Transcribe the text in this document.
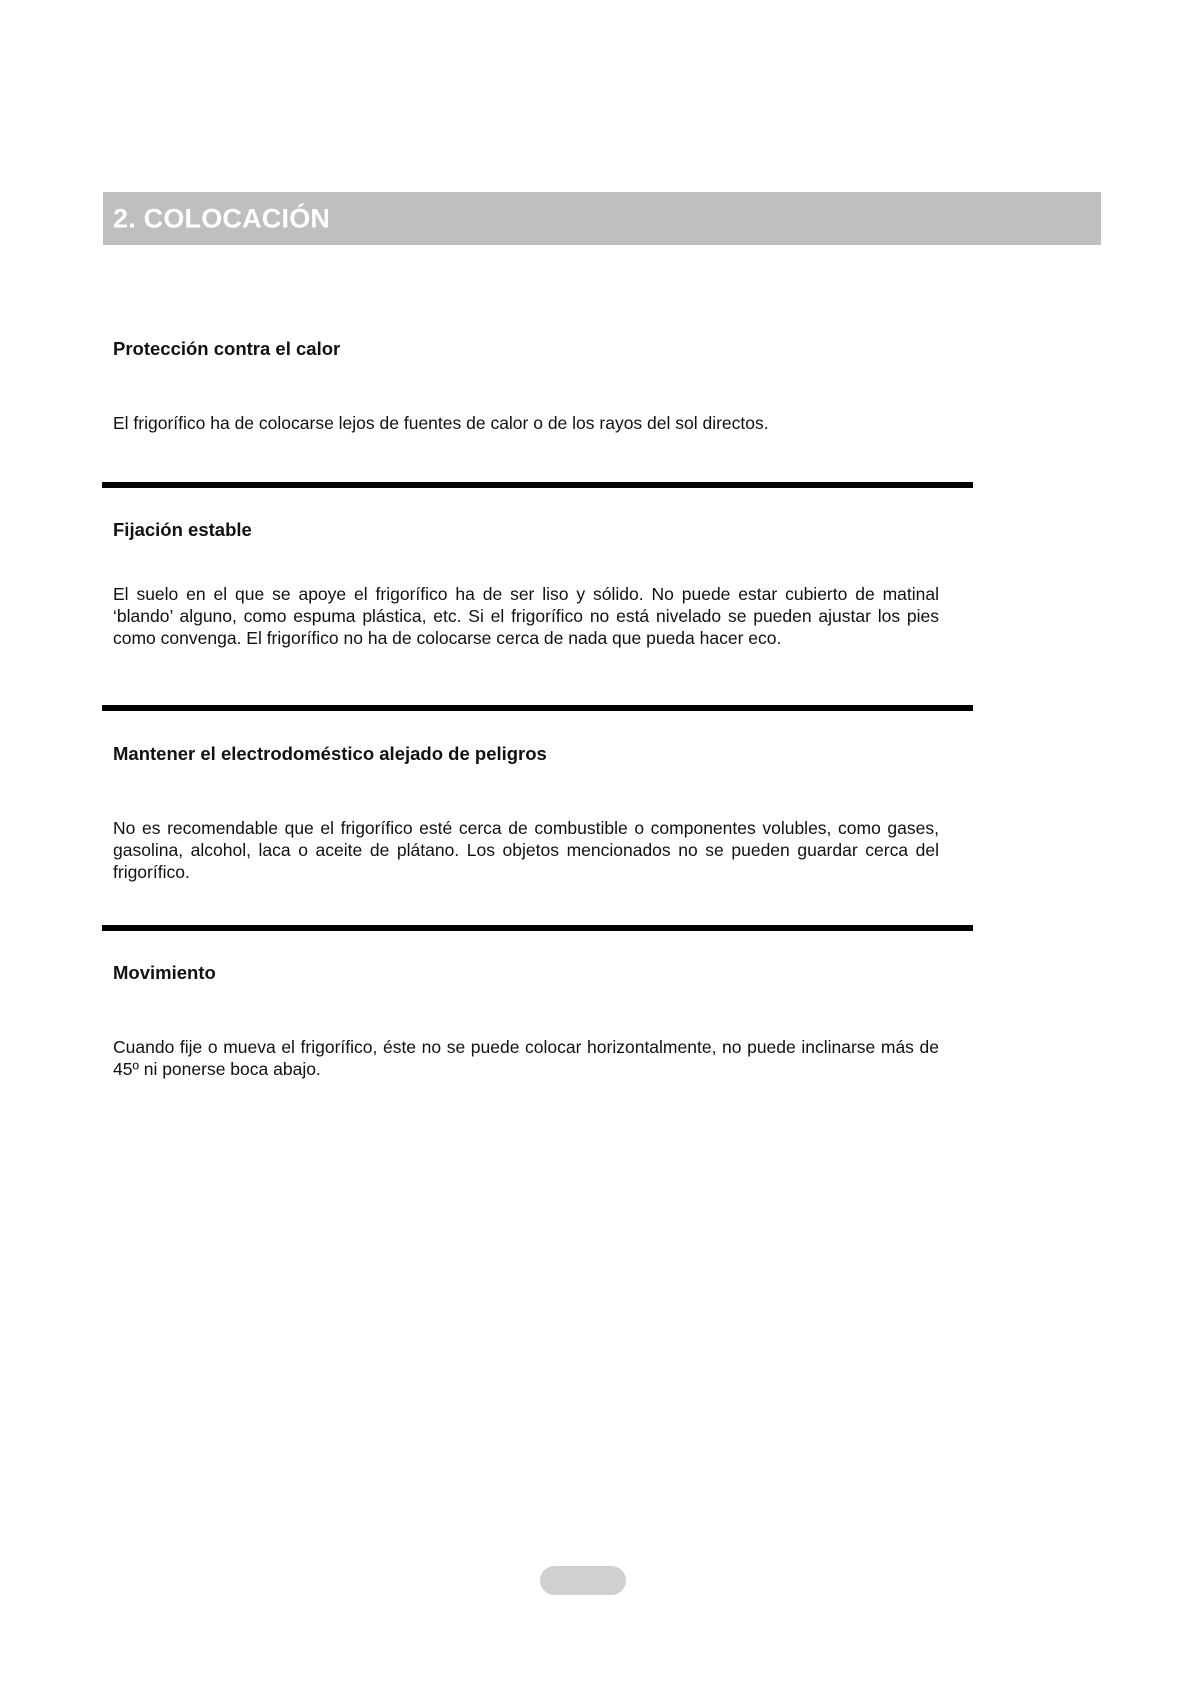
2. COLOCACIÓN
Protección contra el calor

El frigorífico ha de colocarse lejos de fuentes de calor o de los rayos del sol directos.

Fijación estable

El suelo en el que se apoye el frigorífico ha de ser liso y sólido. No puede estar cubierto de matinal ‘blando’ alguno, como espuma plástica, etc. Si el frigorífico no está nivelado se pueden ajustar los pies como convenga. El frigorífico no ha de colocarse cerca de nada que pueda hacer eco.

Mantener el electrodoméstico alejado de peligros

No es recomendable que el frigorífico esté cerca de combustible o componentes volubles, como gases, gasolina, alcohol, laca o aceite de plátano. Los objetos mencionados no se pueden guardar cerca del frigorífico.

Movimiento

Cuando fije o mueva el frigorífico, éste no se puede colocar horizontalmente, no puede inclinarse más de 45º ni ponerse boca abajo.
